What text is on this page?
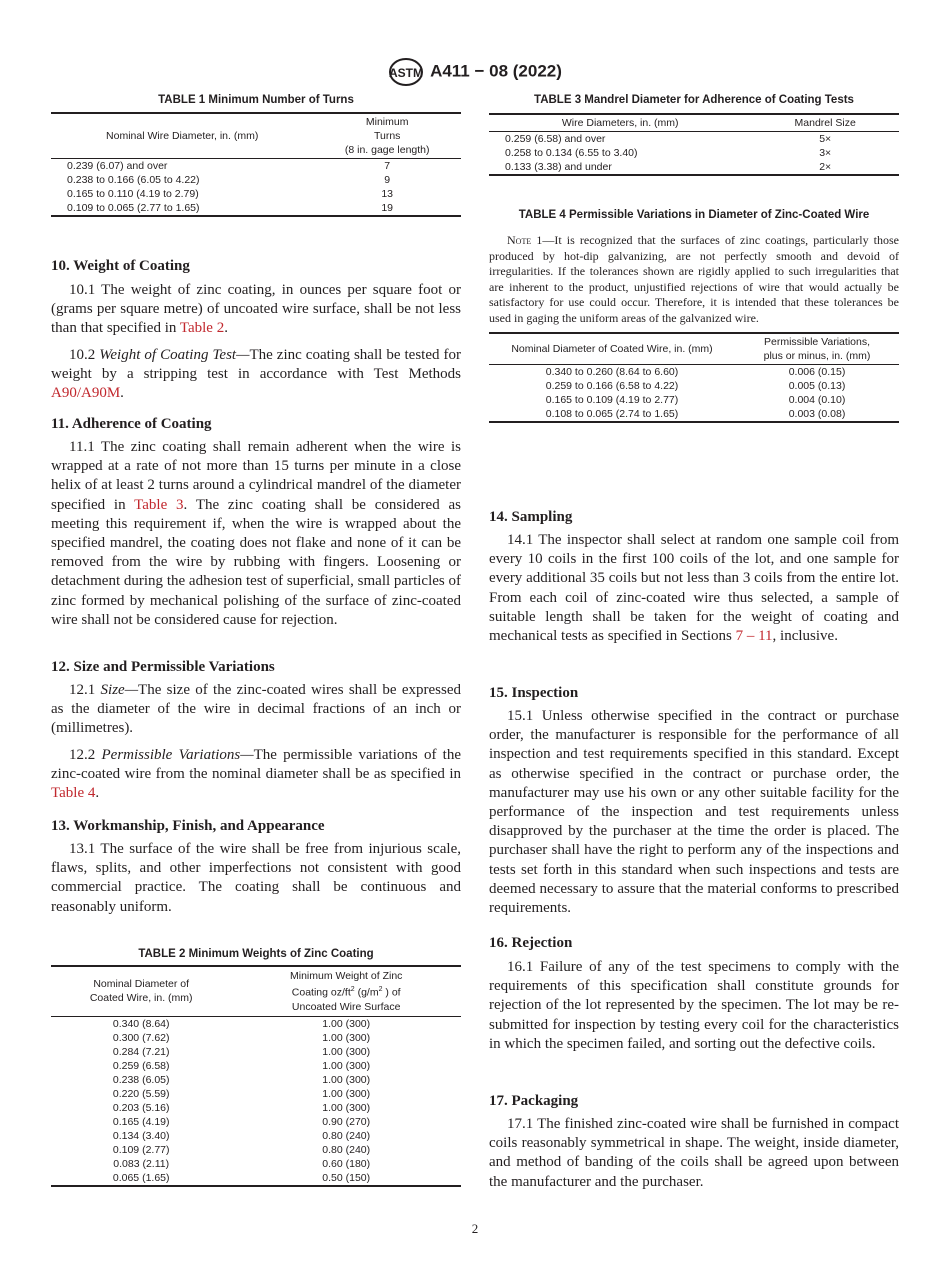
ASTM A411 − 08 (2022)
TABLE 1 Minimum Number of Turns
Nominal Wire Diameter, in. (mm)	Minimum
Turns
(8 in. gage length)
0.239 (6.07) and over	7
0.238 to 0.166 (6.05 to 4.22)	9
0.165 to 0.110 (4.19 to 2.79)	13
0.109 to 0.065 (2.77 to 1.65)	19
10. Weight of Coating

10.1 The weight of zinc coating, in ounces per square foot or (grams per square metre) of uncoated wire surface, shall be not less than that specified in Table 2.

10.2 Weight of Coating Test—The zinc coating shall be tested for weight by a stripping test in accordance with Test Methods A90/A90M.

11. Adherence of Coating

11.1 The zinc coating shall remain adherent when the wire is wrapped at a rate of not more than 15 turns per minute in a close helix of at least 2 turns around a cylindrical mandrel of the diameter specified in Table 3. The zinc coating shall be considered as meeting this requirement if, when the wire is wrapped about the specified mandrel, the coating does not flake and none of it can be removed from the wire by rubbing with fingers. Loosening or detachment during the adhesion test of superficial, small particles of zinc formed by mechanical polishing of the surface of zinc-coated wire shall not be considered cause for rejection.

12. Size and Permissible Variations

12.1 Size—The size of the zinc-coated wires shall be expressed as the diameter of the wire in decimal fractions of an inch or (millimetres).

12.2 Permissible Variations—The permissible variations of the zinc-coated wire from the nominal diameter shall be as specified in Table 4.

13. Workmanship, Finish, and Appearance

13.1 The surface of the wire shall be free from injurious scale, flaws, splits, and other imperfections not consistent with good commercial practice. The coating shall be continuous and reasonably uniform.

TABLE 2 Minimum Weights of Zinc Coating
Nominal Diameter of Coated Wire, in. (mm)	Minimum Weight of Zinc Coating $oz/ft^2$ ($g/m^2$ ) of Uncoated Wire Surface
0.340 (8.64)	1.00 (300)
0.300 (7.62)	1.00 (300)
0.284 (7.21)	1.00 (300)
0.259 (6.58)	1.00 (300)
0.238 (6.05)	1.00 (300)
0.220 (5.59)	1.00 (300)
0.203 (5.16)	1.00 (300)
0.165 (4.19)	0.90 (270)
0.134 (3.40)	0.80 (240)
0.109 (2.77)	0.80 (240)
0.083 (2.11)	0.60 (180)
0.065 (1.65)	0.50 (150)
TABLE 3 Mandrel Diameter for Adherence of Coating Tests
Wire Diameters, in. (mm)	Mandrel Size
0.259 (6.58) and over	5×
0.258 to 0.134 (6.55 to 3.40)	3×
0.133 (3.38) and under	2×
TABLE 4 Permissible Variations in Diameter of Zinc-Coated Wire

Note 1—It is recognized that the surfaces of zinc coatings, particularly those produced by hot-dip galvanizing, are not perfectly smooth and devoid of irregularities. If the tolerances shown are rigidly applied to such irregularities that are inherent to the product, unjustified rejections of wire that would actually be satisfactory for use could occur. Therefore, it is intended that these tolerances be used in gaging the uniform areas of the galvanized wire.

Nominal Diameter of Coated Wire, in. (mm)	Permissible Variations, plus or minus, in. (mm)
0.340 to 0.260 (8.64 to 6.60)	0.006 (0.15)
0.259 to 0.166 (6.58 to 4.22)	0.005 (0.13)
0.165 to 0.109 (4.19 to 2.77)	0.004 (0.10)
0.108 to 0.065 (2.74 to 1.65)	0.003 (0.08)
14. Sampling

14.1 The inspector shall select at random one sample coil from every 10 coils in the first 100 coils of the lot, and one sample for every additional 35 coils but not less than 3 coils from the entire lot. From each coil of zinc-coated wire thus selected, a sample of suitable length shall be taken for the weight of coating and mechanical tests as specified in Sections 7 – 11, inclusive.

15. Inspection

15.1 Unless otherwise specified in the contract or purchase order, the manufacturer is responsible for the performance of all inspection and test requirements specified in this standard. Except as otherwise specified in the contract or purchase order, the manufacturer may use his own or any other suitable facility for the performance of the inspection and test requirements unless disapproved by the purchaser at the time the order is placed. The purchaser shall have the right to perform any of the inspections and tests set forth in this standard when such inspections and tests are deemed necessary to assure that the material conforms to prescribed requirements.

16. Rejection

16.1 Failure of any of the test specimens to comply with the requirements of this specification shall constitute grounds for rejection of the lot represented by the specimen. The lot may be re-submitted for inspection by testing every coil for the characteristics in which the specimen failed, and sorting out the defective coils.

17. Packaging

17.1 The finished zinc-coated wire shall be furnished in compact coils reasonably symmetrical in shape. The weight, inside diameter, and method of banding of the coils shall be agreed upon between the manufacturer and the purchaser.

2
